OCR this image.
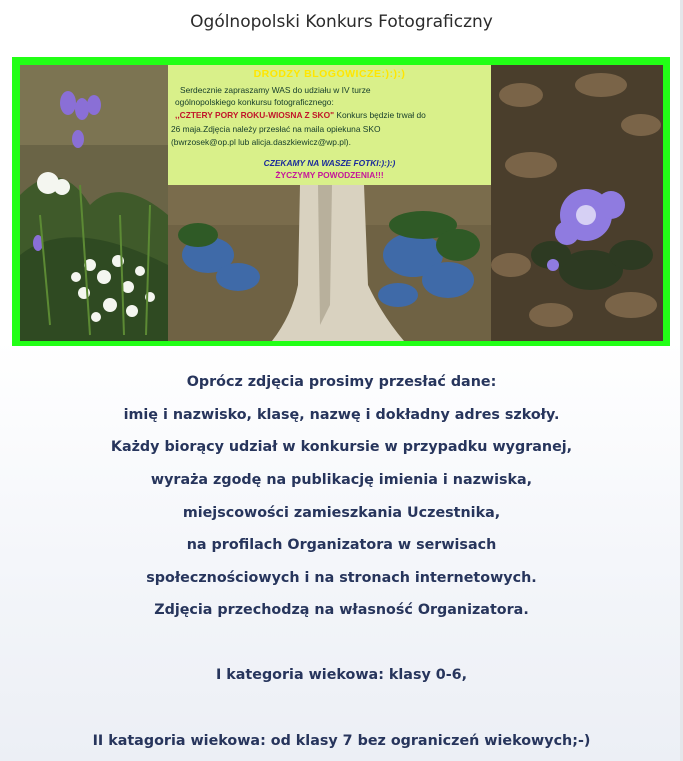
Ogólnopolski Konkurs Fotograficzny
DRODZY BLOGOWICZE:):):)
Serdecznie zapraszamy WAS do udziału w IV turze
ogólnopolskiego konkursu fotograficznego:
,,CZTERY PORY ROKU-WIOSNA Z SKO" Konkurs będzie trwał do
26 maja.Zdjęcia należy przesłać na maila opiekuna SKO
(bwrzosek@op.pl lub alicja.daszkiewicz@wp.pl).
CZEKAMY NA WASZE FOTKI:):):)
ŻYCZYMY POWODZENIA!!!
Oprócz zdjęcia prosimy przesłać dane:
imię i nazwisko, klasę, nazwę i dokładny adres szkoły.
Każdy biorący udział w konkursie w przypadku wygranej,
wyraża zgodę na publikację imienia i nazwiska,
miejscowości zamieszkania Uczestnika,
na profilach Organizatora w serwisach
społecznościowych i na stronach internetowych.
Zdjęcia przechodzą na własność Organizatora.
I kategoria wiekowa: klasy 0-6,
II katagoria wiekowa: od klasy 7 bez ograniczeń wiekowych;-)
